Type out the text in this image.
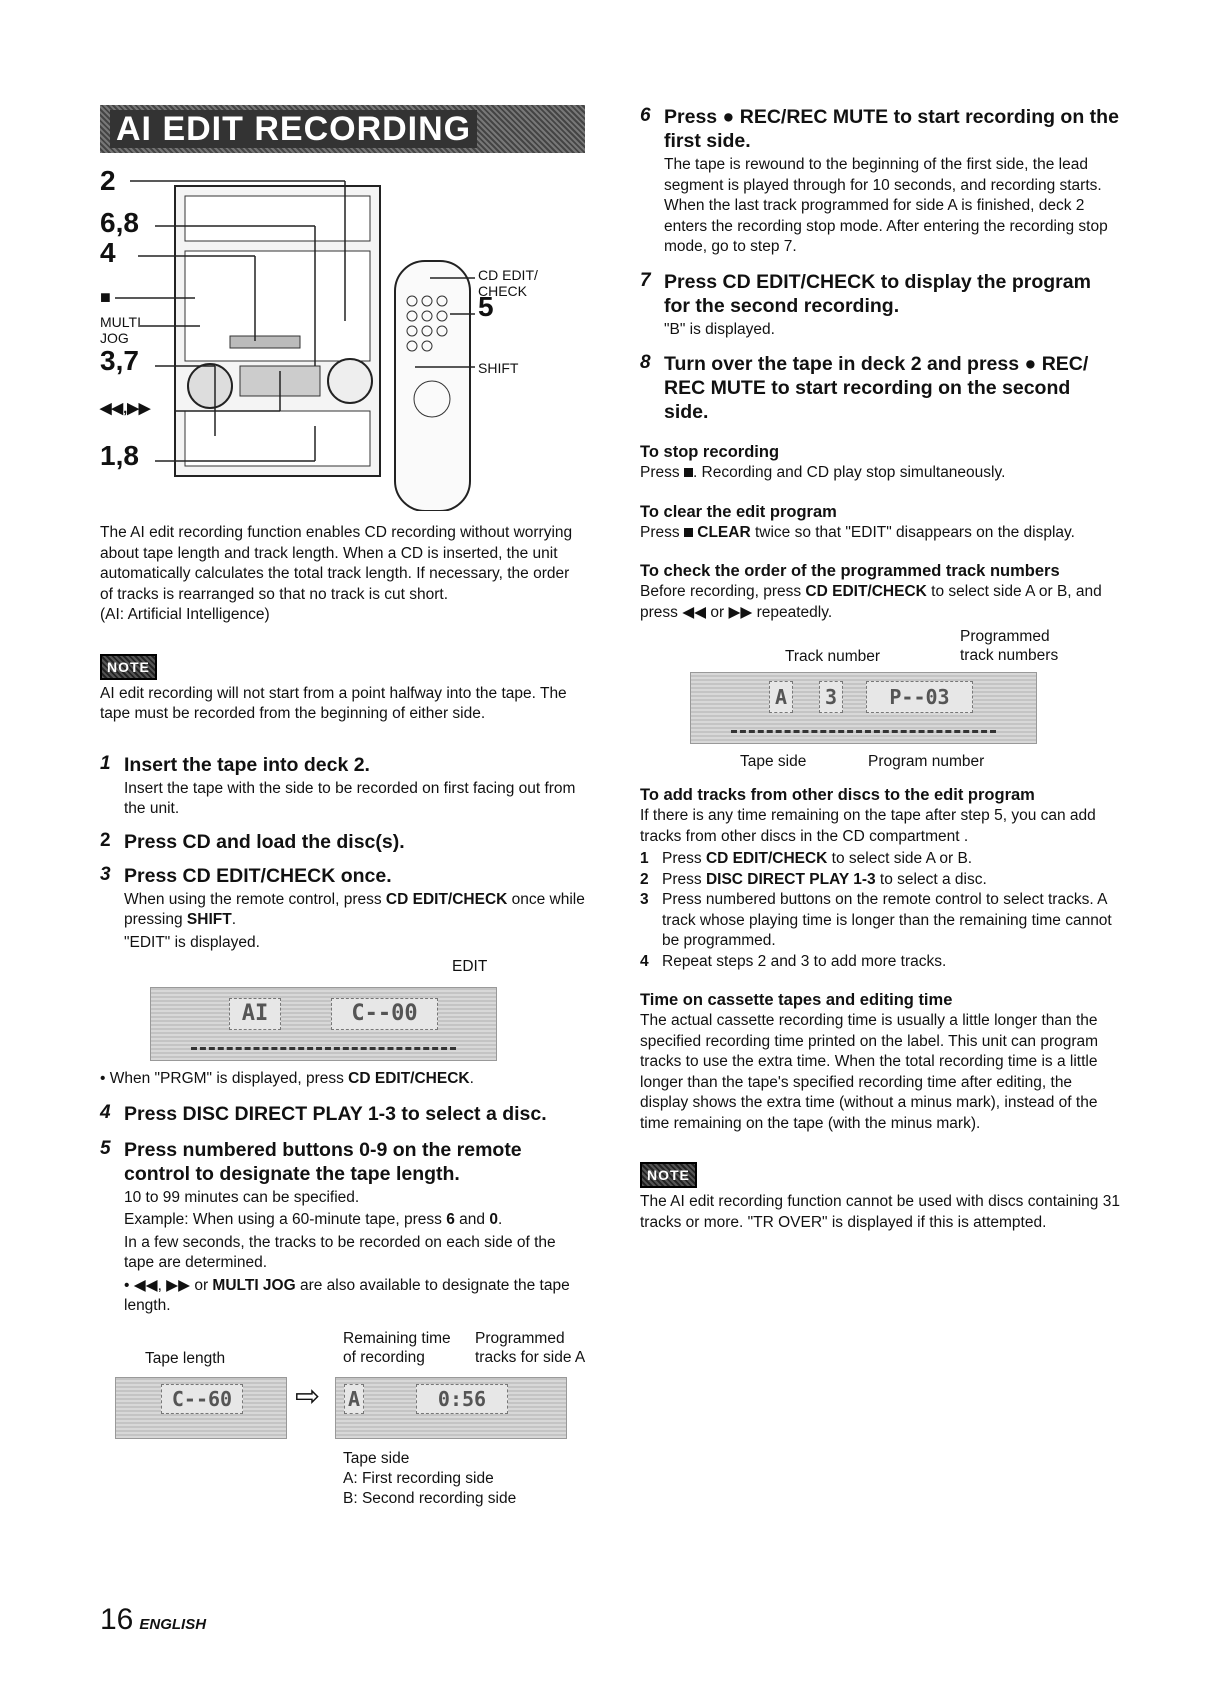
AI EDIT RECORDING
2
6,8
4
■
MULTI JOG
3,7
◀◀,▶▶
1,8
CD EDIT/ CHECK
5
SHIFT

The AI edit recording function enables CD recording without worrying about tape length and track length. When a CD is inserted, the unit automatically calculates the total track length. If necessary, the order of tracks is rearranged so that no track is cut short.

(AI: Artificial Intelligence)

NOTE

AI edit recording will not start from a point halfway into the tape. The tape must be recorded from the beginning of either side.

1 Insert the tape into deck 2.

Insert the tape with the side to be recorded on first facing out from the unit.

2 Press CD and load the disc(s).
3 Press CD EDIT/CHECK once.

When using the remote control, press CD EDIT/CHECK once while pressing SHIFT.

"EDIT" is displayed.

EDIT
AI	C--00

• When "PRGM" is displayed, press CD EDIT/CHECK.

4 Press DISC DIRECT PLAY 1-3 to select a disc.
5 Press numbered buttons 0-9 on the remote control to designate the tape length.

10 to 99 minutes can be specified.

Example: When using a 60-minute tape, press 6 and 0.

In a few seconds, the tracks to be recorded on each side of the tape are determined.

• ◀◀, ▶▶ or MULTI JOG are also available to designate the tape length.

Tape length
Remaining time of recording
Programmed tracks for side A
C--60	⇨ A	0:56
Tape side
A: First recording side
B: Second recording side
6 Press ● REC/REC MUTE to start recording on the first side.

The tape is rewound to the beginning of the first side, the lead segment is played through for 10 seconds, and recording starts. When the last track programmed for side A is finished, deck 2 enters the recording stop mode. After entering the recording stop mode, go to step 7.

7 Press CD EDIT/CHECK to display the program for the second recording.

"B" is displayed.

8 Turn over the tape in deck 2 and press ● REC/ REC MUTE to start recording on the second side.

To stop recording

Press . Recording and CD play stop simultaneously.

To clear the edit program

Press  CLEAR twice so that "EDIT" disappears on the display.

To check the order of the programmed track numbers

Before recording, press CD EDIT/CHECK to select side A or B, and press ◀◀ or ▶▶ repeatedly.

Track number
Programmed track numbers
A 3	P--03
Tape side	Program number

To add tracks from other discs to the edit program

If there is any time remaining on the tape after step 5, you can add tracks from other discs in the CD compartment .

1 Press CD EDIT/CHECK to select side A or B.
2 Press DISC DIRECT PLAY 1-3 to select a disc.
3 Press numbered buttons on the remote control to select tracks. A track whose playing time is longer than the remaining time cannot be programmed.
4 Repeat steps 2 and 3 to add more tracks.

Time on cassette tapes and editing time

The actual cassette recording time is usually a little longer than the specified recording time printed on the label. This unit can program tracks to use the extra time. When the total recording time is a little longer than the tape's specified recording time after editing, the display shows the extra time (without a minus mark), instead of the time remaining on the tape (with the minus mark).

NOTE

The AI edit recording function cannot be used with discs containing 31 tracks or more. "TR OVER" is displayed if this is attempted.

16 ENGLISH
